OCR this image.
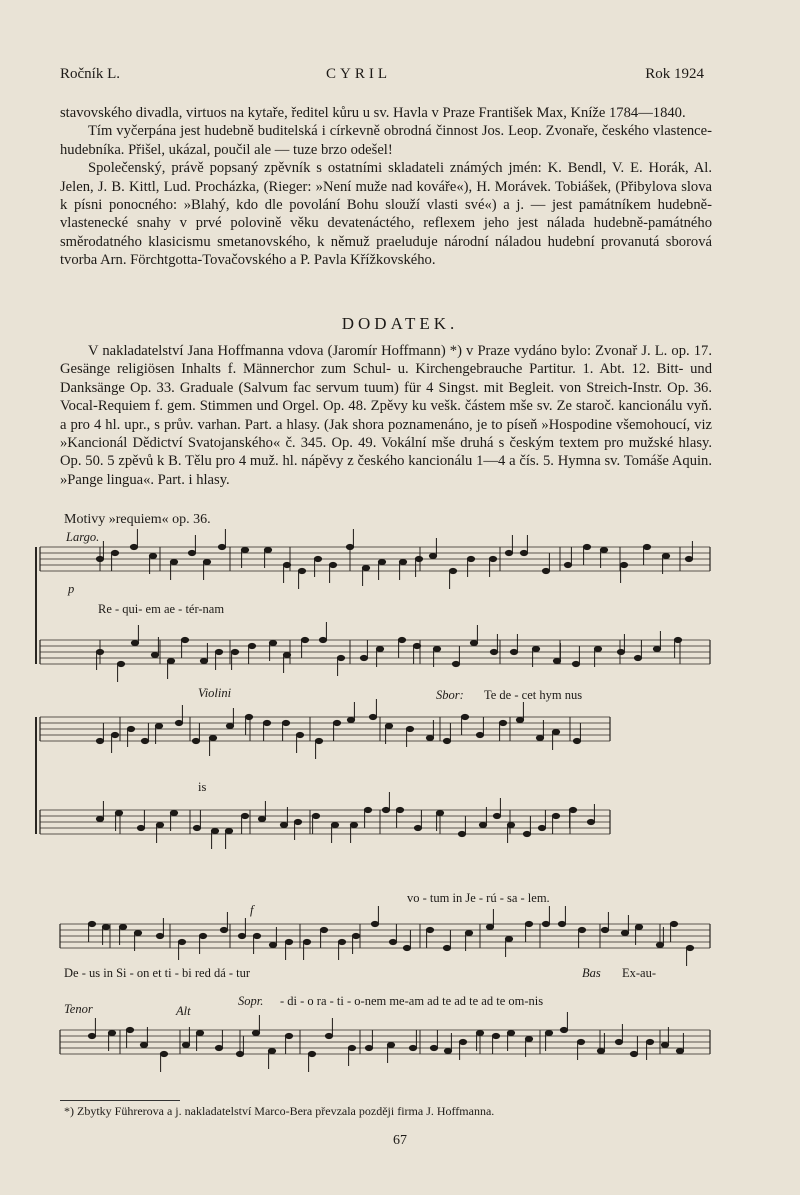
Ročník L.	CYRIL	Rok 1924

stavovského divadla, virtuos na kytaře, ředitel kůru u sv. Havla v Praze František Max, Kníže 1784—1840.

Tím vyčerpána jest hudebně buditelská i církevně obrodná činnost Jos. Leop. Zvonaře, českého vlastence-hudebníka. Přišel, ukázal, poučil ale — tuze brzo odešel!

Společenský, právě popsaný zpěvník s ostatními skladateli známých jmén: K. Bendl, V. E. Horák, Al. Jelen, J. B. Kittl, Lud. Procházka, (Rieger: »Není muže nad kováře«), H. Morávek. Tobiášek, (Přibylova slova k písni ponocného: »Blahý, kdo dle povolání Bohu slouží vlasti své«) a j. — jest památníkem hudebně-vlastenecké snahy v prvé polovině věku devatenáctého, reflexem jeho jest nálada hudebně-památného směrodatného klasicismu smetanovského, k němuž praeluduje národní náladou hudební provanutá sborová tvorba Arn. Förchtgotta-Tovačovského a P. Pavla Křížkovského.

DODATEK.

V nakladatelství Jana Hoffmanna vdova (Jaromír Hoffmann) *) v Praze vydáno bylo: Zvonař J. L. op. 17. Gesänge religiösen Inhalts f. Männerchor zum Schul- u. Kirchengebrauche Partitur. 1. Abt. 12. Bitt- und Danksänge Op. 33. Graduale (Salvum fac servum tuum) für 4 Singst. mit Begleit. von Streich-Instr. Op. 36. Vocal-Requiem f. gem. Stimmen und Orgel. Op. 48. Zpěvy ku vešk. částem mše sv. Ze staroč. kancionálu vyň. a pro 4 hl. upr., s prův. varhan. Part. a hlasy. (Jak shora poznamenáno, je to píseň »Hospodine všemohoucí, viz »Kancionál Dědictví Svatojanského« č. 345. Op. 49. Vokální mše druhá s českým textem pro mužské hlasy. Op. 50. 5 zpěvů k B. Tělu pro 4 muž. hl. nápěvy z českého kancionálu 1—4 a čís. 5. Hymna sv. Tomáše Aquin. »Pange lingua«. Part. i hlasy.

Motivy »requiem« op. 36.
Largo.
p
Re - qui- em ae - tér-nam
Violini	Sbor: Te de - cet hym nus
is
vo - tum in Je - rú - sa - lem.
f
De - us in Si - on et ti - bi red dá - tur	Bas Ex-au-
Tenor	Alt
Sopr. - di - o ra - ti - o-nem me-am ad te ad te ad te om-nis
*) Zbytky Führerova a j. nakladatelství Marco-Bera převzala později firma J. Hoffmanna.
67
